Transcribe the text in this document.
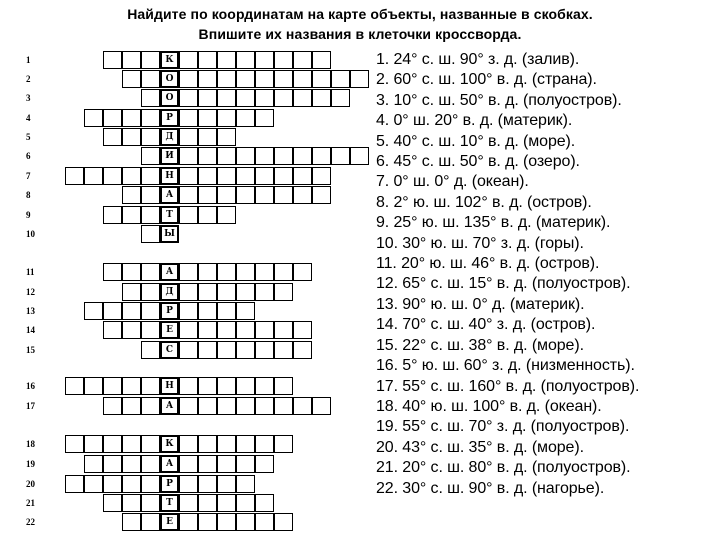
Найдите по координатам на карте объекты, названные в скобках.
Впишите их названия в клеточки кроссворда.
1	К
2	О
3	О
4	Р
5	Д
6	И
7	Н
8	А
9	Т
10	Ы
11	А
12	Д
13	Р
14	Е
15	С
16	Н
17	А
18	К
19	А
20	Р
21	Т
22	Е
1. 24° с. ш. 90° з. д. (залив).
2. 60° с. ш. 100° в. д. (страна).
3. 10° с. ш. 50° в. д. (полуостров).
4. 0° ш. 20° в. д. (материк).
5. 40° с. ш. 10° в. д. (море).
6. 45° с. ш. 50° в. д. (озеро).
7. 0° ш. 0° д. (океан).
8. 2° ю. ш. 102° в. д. (остров).
9. 25° ю. ш. 135° в. д. (материк).
10. 30° ю. ш. 70° з. д. (горы).
11. 20° ю. ш. 46° в. д. (остров).
12. 65° с. ш. 15° в. д. (полуостров).
13. 90° ю. ш. 0° д. (материк).
14. 70° с. ш. 40° з. д. (остров).
15. 22° с. ш. 38° в. д. (море).
16. 5° ю. ш. 60° з. д. (низменность).
17. 55° с. ш. 160° в. д. (полуостров).
18. 40° ю. ш. 100° в. д. (океан).
19. 55° с. ш. 70° з. д. (полуостров).
20. 43° с. ш. 35° в. д. (море).
21. 20° с. ш. 80° в. д. (полуостров).
22. 30° с. ш. 90° в. д. (нагорье).
